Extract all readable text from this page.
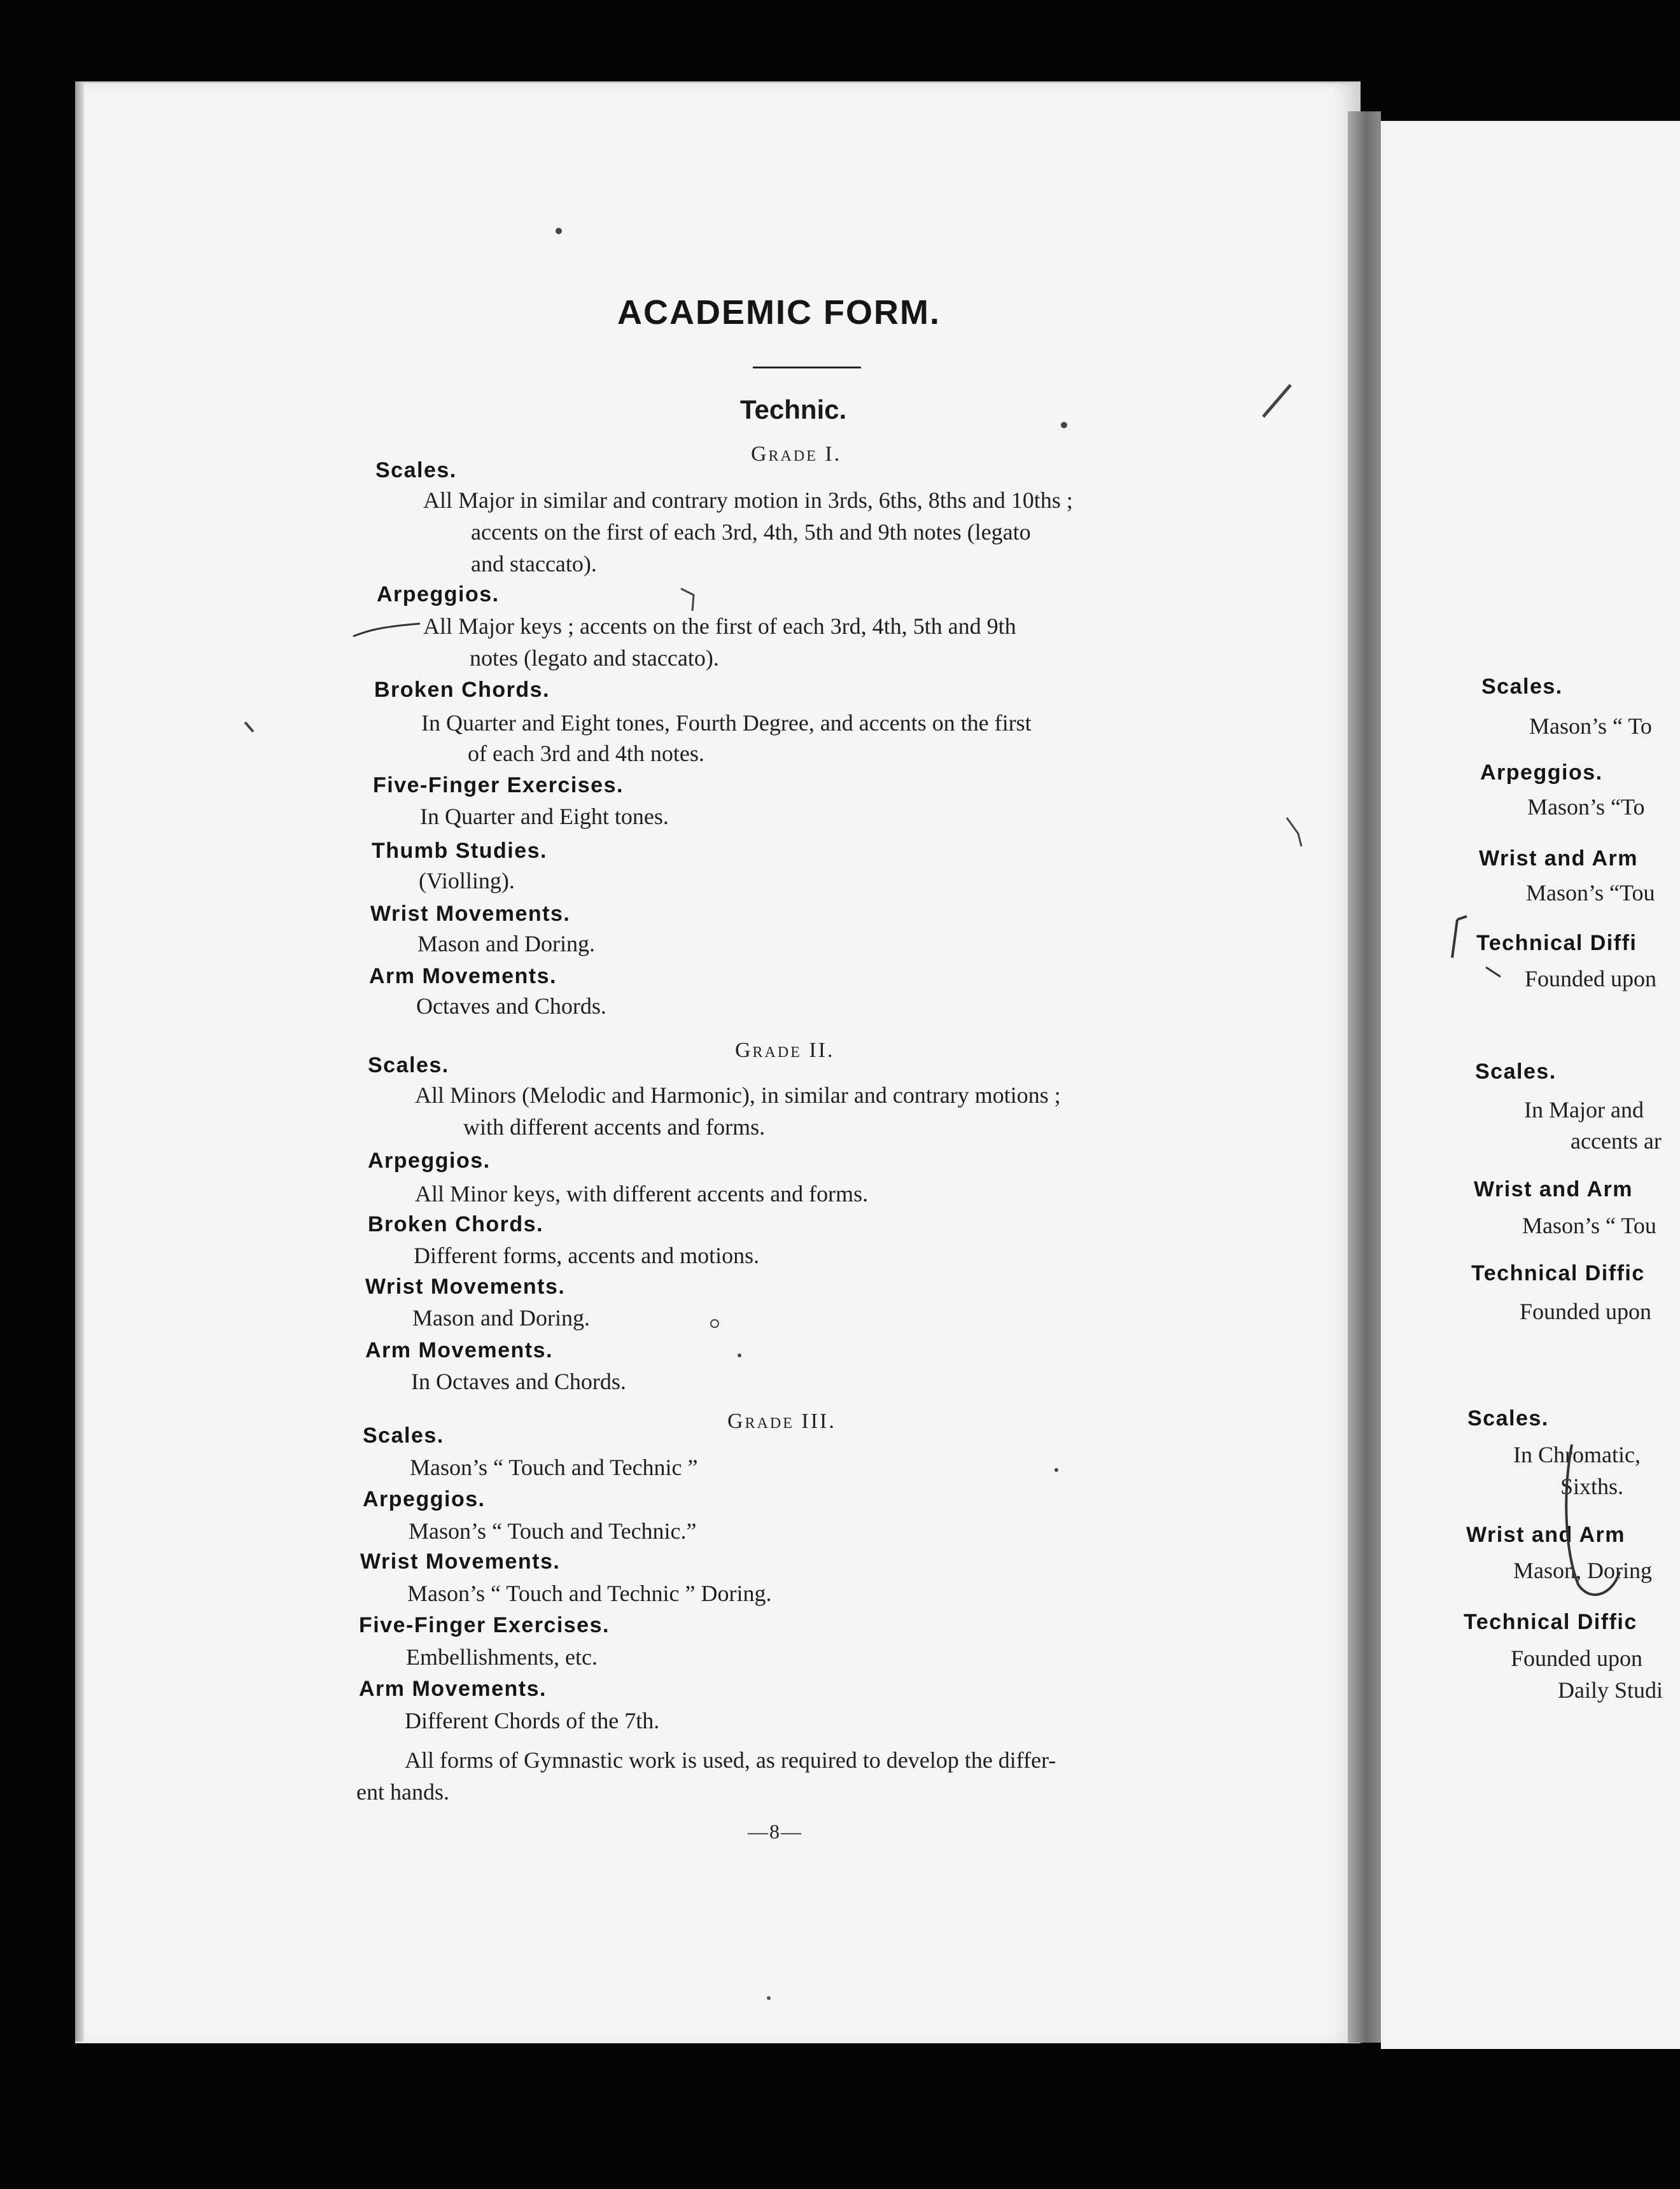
ACADEMIC FORM.
Technic.
Grade I.
Scales.
All Major in similar and contrary motion in 3rds, 6ths, 8ths and 10ths ;
accents on the first of each 3rd, 4th, 5th and 9th notes (legato
and staccato).
Arpeggios.
All Major keys ; accents on the first of each 3rd, 4th, 5th and 9th
notes (legato and staccato).
Broken Chords.
In Quarter and Eight tones, Fourth Degree, and accents on the first
of each 3rd and 4th notes.
Five-Finger Exercises.
In Quarter and Eight tones.
Thumb Studies.
(Violling).
Wrist Movements.
Mason and Doring.
Arm Movements.
Octaves and Chords.
Grade II.
Scales.
All Minors (Melodic and Harmonic), in similar and contrary motions ;
with different accents and forms.
Arpeggios.
All Minor keys, with different accents and forms.
Broken Chords.
Different forms, accents and motions.
Wrist Movements.
Mason and Doring.
Arm Movements.
In Octaves and Chords.
Grade III.
Scales.
Mason’s “ Touch and Technic ”
Arpeggios.
Mason’s “ Touch and Technic.”
Wrist Movements.
Mason’s “ Touch and Technic ” Doring.
Five-Finger Exercises.
Embellishments, etc.
Arm Movements.
Different Chords of the 7th.
All forms of Gymnastic work is used, as required to develop the differ-
ent hands.
—8—
Scales.
Mason’s “ To
Arpeggios.
Mason’s “To
Wrist and Arm
Mason’s “Tou
Technical Diffi
Founded upon
Scales.
In Major and
accents ar
Wrist and Arm
Mason’s “ Tou
Technical Diffic
Founded upon
Scales.
In Chromatic,
Sixths.
Wrist and Arm
Mason, Doring
Technical Diffic
Founded upon
Daily Studi
